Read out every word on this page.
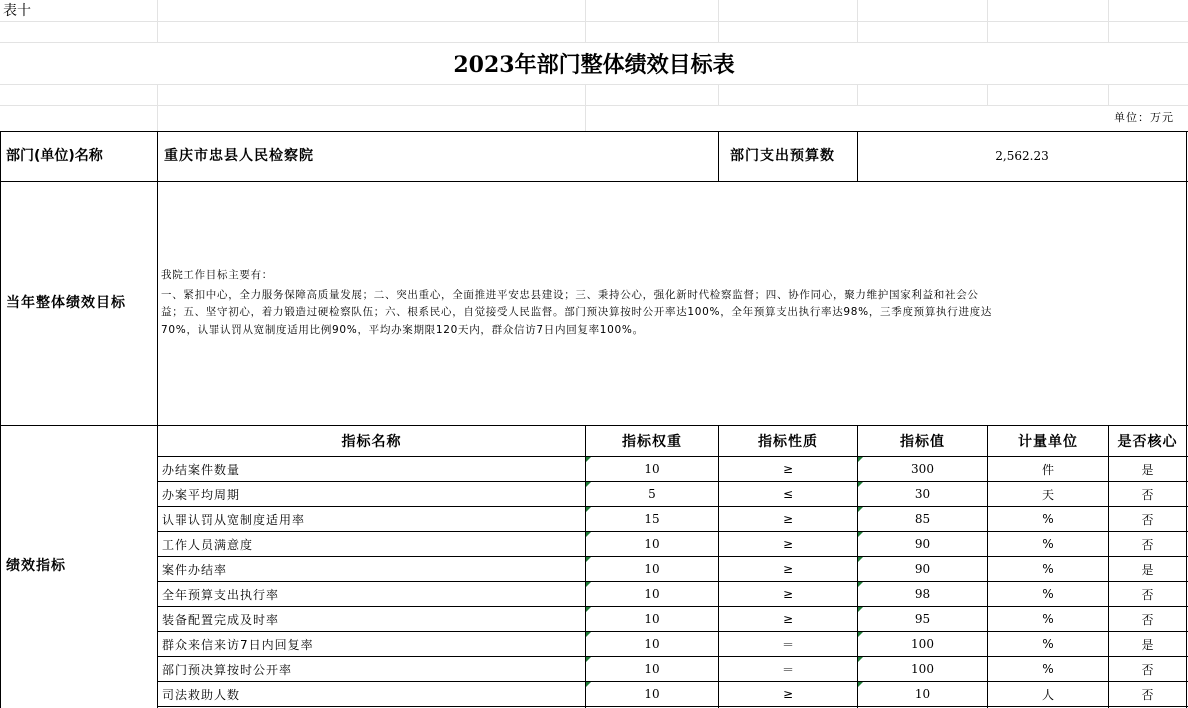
表十
2023年部门整体绩效目标表
单位：万元
部门(单位)名称	重庆市忠县人民检察院	部门支出预算数	2,562.23
当年整体绩效目标
我院工作目标主要有：
一、紧扣中心，全力服务保障高质量发展；二、突出重心，全面推进平安忠县建设；三、秉持公心，强化新时代检察监督；四、协作同心，聚力维护国家利益和社会公
益；五、坚守初心，着力锻造过硬检察队伍；六、根系民心，自觉接受人民监督。部门预决算按时公开率达100%，全年预算支出执行率达98%，三季度预算执行进度达
70%，认罪认罚从宽制度适用比例90%，平均办案期限120天内，群众信访7日内回复率100%。
绩效指标
指标名称	指标权重	指标性质	指标值	计量单位	是否核心
办结案件数量	10	≥	300	件	是
办案平均周期	5	≤	30	天	否
认罪认罚从宽制度适用率	15	≥	85	%	否
工作人员满意度	10	≥	90	%	否
案件办结率	10	≥	90	%	是
全年预算支出执行率	10	≥	98	%	否
装备配置完成及时率	10	≥	95	%	否
群众来信来访7日内回复率	10	＝	100	%	是
部门预决算按时公开率	10	＝	100	%	否
司法救助人数	10	≥	10	人	否
